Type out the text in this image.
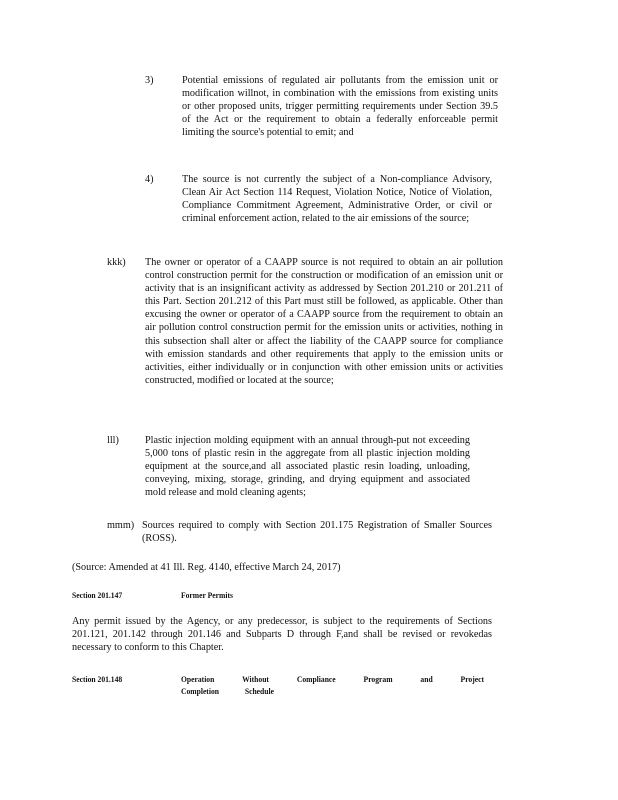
3)	Potential emissions of regulated air pollutants from the emission unit or modification willnot, in combination with the emissions from existing units or other proposed units, trigger permitting requirements under Section 39.5 of the Act or the requirement to obtain a federally enforceable permit limiting the source's potential to emit; and

4)	The source is not currently the subject of a Non-compliance Advisory, Clean Air Act Section 114 Request, Violation Notice, Notice of Violation, Compliance Commitment Agreement, Administrative Order, or civil or criminal enforcement action, related to the air emissions of the source;

kkk) The owner or operator of a CAAPP source is not required to obtain an air pollution control construction permit for the construction or modification of an emission unit or activity that is an insignificant activity as addressed by Section 201.210 or 201.211 of this Part. Section 201.212 of this Part must still be followed, as applicable. Other than excusing the owner or operator of a CAAPP source from the requirement to obtain an air pollution control construction permit for the emission units or activities, nothing in this subsection shall alter or affect the liability of the CAAPP source for compliance with emission standards and other requirements that apply to the emission units or activities, either individually or in conjunction with other emission units or activities constructed, modified or located at the source;

lll)	Plastic injection molding equipment with an annual through-put not exceeding 5,000 tons of plastic resin in the aggregate from all plastic injection molding equipment at the source,and all associated plastic resin loading, unloading, conveying, mixing, storage, grinding, and drying equipment and associated mold release and mold cleaning agents;

mmm) Sources required to comply with Section 201.175 Registration of Smaller Sources (ROSS).

(Source: Amended at 41 Ill. Reg. 4140, effective March 24, 2017)
Section 201.147	Former Permits

Any permit issued by the Agency, or any predecessor, is subject to the requirements of Sections 201.121, 201.142 through 201.146 and Subparts D through F,and shall be revised or revokedas necessary to conform to this Chapter.

Section 201.148	Operation Without Compliance Program and Project
Completion Schedule
